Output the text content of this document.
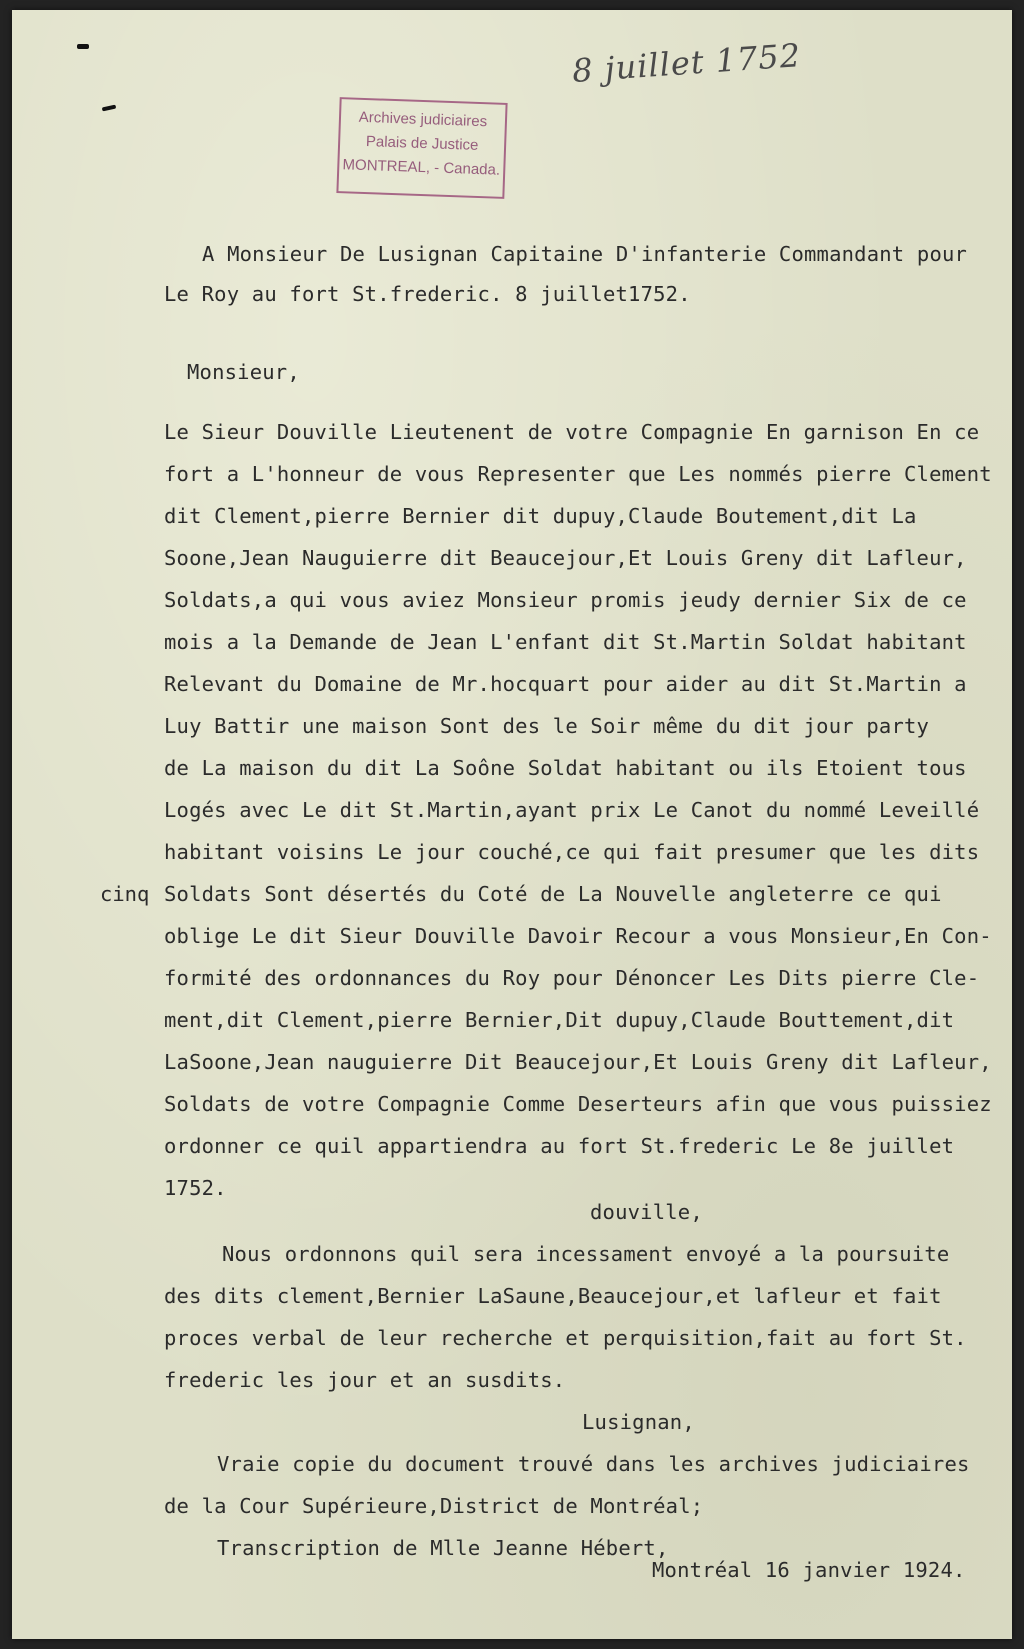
8 juillet 1752
Archives judiciaires
Palais de Justice
MONTREAL, - Canada.
A Monsieur De Lusignan Capitaine D'infanterie Commandant pour
Le Roy au fort St.frederic. 8 juillet1752.
Monsieur,
Le Sieur Douville Lieutenent de votre Compagnie En garnison En ce
fort a L'honneur de vous Representer que Les nommés pierre Clement
dit Clement,pierre Bernier dit dupuy,Claude Boutement,dit La
Soone,Jean Nauguierre dit Beaucejour,Et Louis Greny dit Lafleur,
Soldats,a qui vous aviez Monsieur promis jeudy dernier Six de ce
mois a la Demande de Jean L'enfant dit St.Martin Soldat habitant
Relevant du Domaine de Mr.hocquart pour aider au dit St.Martin a
Luy Battir une maison Sont des le Soir même du dit jour party
de La maison du dit La Soône Soldat habitant ou ils Etoient tous
Logés avec Le dit St.Martin,ayant prix Le Canot du nommé Leveillé
habitant voisins Le jour couché,ce qui fait presumer que les dits
cinq Soldats Sont désertés du Coté de La Nouvelle angleterre ce qui
oblige Le dit Sieur Douville Davoir Recour a vous Monsieur,En Con-
formité des ordonnances du Roy pour Dénoncer Les Dits pierre Cle-
ment,dit Clement,pierre Bernier,Dit dupuy,Claude Bouttement,dit
LaSoone,Jean nauguierre Dit Beaucejour,Et Louis Greny dit Lafleur,
Soldats de votre Compagnie Comme Deserteurs afin que vous puissiez
ordonner ce quil appartiendra au fort St.frederic Le 8e juillet
1752.
douville,
Nous ordonnons quil sera incessament envoyé a la poursuite
des dits clement,Bernier LaSaune,Beaucejour,et lafleur et fait
proces verbal de leur recherche et perquisition,fait au fort St.
frederic les jour et an susdits.
Lusignan,
Vraie copie du document trouvé dans les archives judiciaires
de la Cour Supérieure,District de Montréal;
Transcription de Mlle Jeanne Hébert,
Montréal 16 janvier 1924.
